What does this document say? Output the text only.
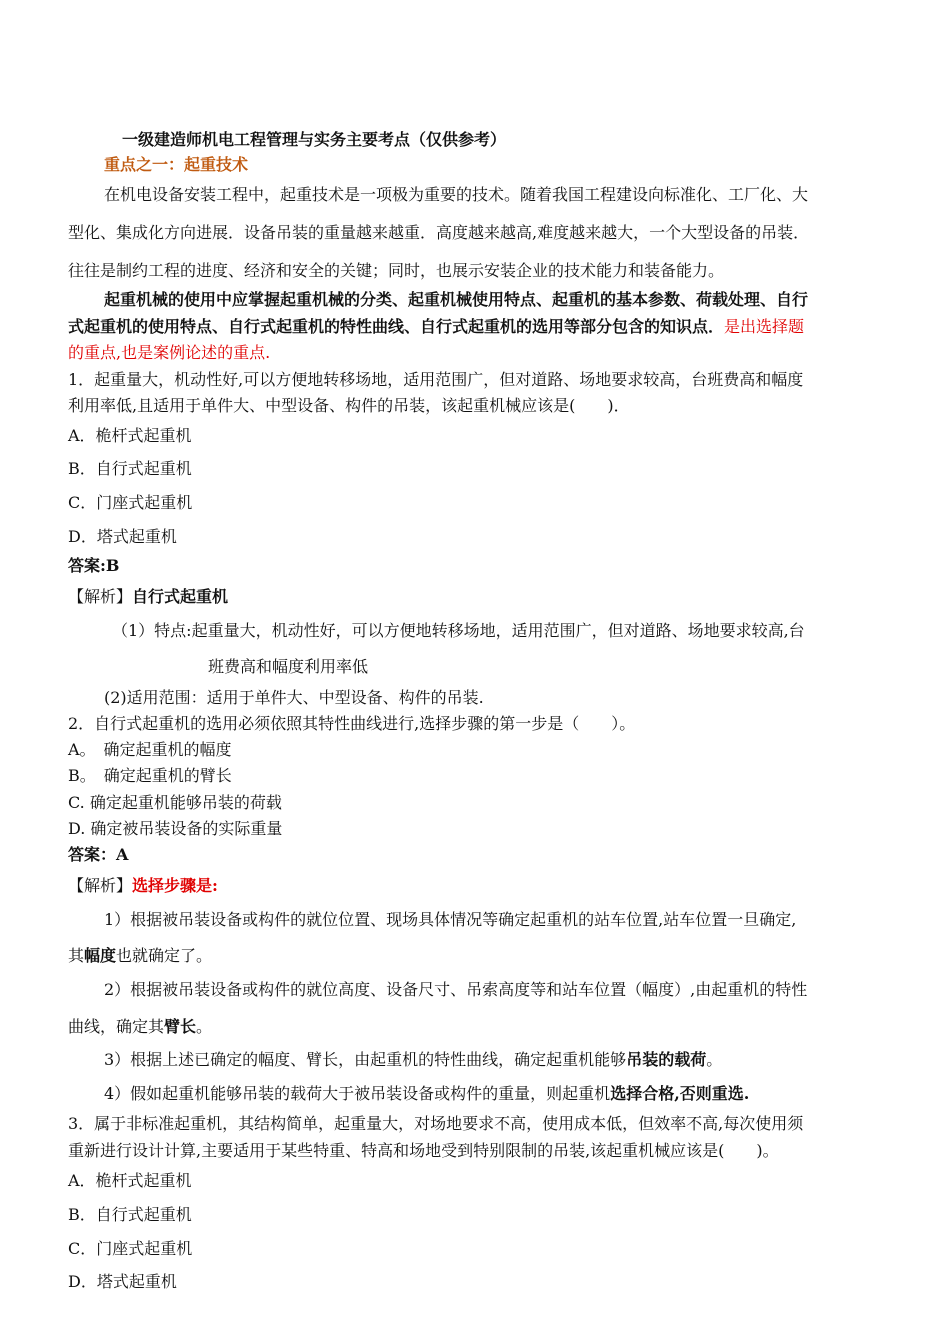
一级建造师机电工程管理与实务主要考点（仅供参考）
重点之一：起重技术
在机电设备安装工程中，起重技术是一项极为重要的技术。随着我国工程建设向标准化、工厂化、大
型化、集成化方向进展．设备吊装的重量越来越重．高度越来越高,难度越来越大，一个大型设备的吊装．
往往是制约工程的进度、经济和安全的关键；同时，也展示安装企业的技术能力和装备能力。
起重机械的使用中应掌握起重机械的分类、起重机械使用特点、起重机的基本参数、荷载处理、自行
式起重机的使用特点、自行式起重机的特性曲线、自行式起重机的选用等部分包含的知识点．是出选择题
的重点,也是案例论述的重点.
1．起重量大，机动性好,可以方便地转移场地，适用范围广，但对道路、场地要求较高，台班费高和幅度
利用率低,且适用于单件大、中型设备、构件的吊装，该起重机械应该是(　　)．
A．桅杆式起重机
B．自行式起重机
C．门座式起重机
D．塔式起重机
答案:B
【解析】自行式起重机
（1）特点:起重量大，机动性好，可以方便地转移场地，适用范围广，但对道路、场地要求较高,台
班费高和幅度利用率低
(2)适用范围：适用于单件大、中型设备、构件的吊装.
2．自行式起重机的选用必须依照其特性曲线进行,选择步骤的第一步是（　　）。
A。　确定起重机的幅度
B。　确定起重机的臂长
C. 确定起重机能够吊装的荷载
D. 确定被吊装设备的实际重量
答案：A
【解析】选择步骤是:
1）根据被吊装设备或构件的就位位置、现场具体情况等确定起重机的站车位置,站车位置一旦确定,
其幅度也就确定了。
2）根据被吊装设备或构件的就位高度、设备尺寸、吊索高度等和站车位置（幅度）,由起重机的特性
曲线，确定其臂长。
3）根据上述已确定的幅度、臂长，由起重机的特性曲线，确定起重机能够吊装的载荷。
4）假如起重机能够吊装的载荷大于被吊装设备或构件的重量，则起重机选择合格,否则重选.
3．属于非标准起重机，其结构简单，起重量大，对场地要求不高，使用成本低，但效率不高,每次使用须
重新进行设计计算,主要适用于某些特重、特高和场地受到特别限制的吊装,该起重机械应该是(　　)。
A．桅杆式起重机
B．自行式起重机
C．门座式起重机
D．塔式起重机
